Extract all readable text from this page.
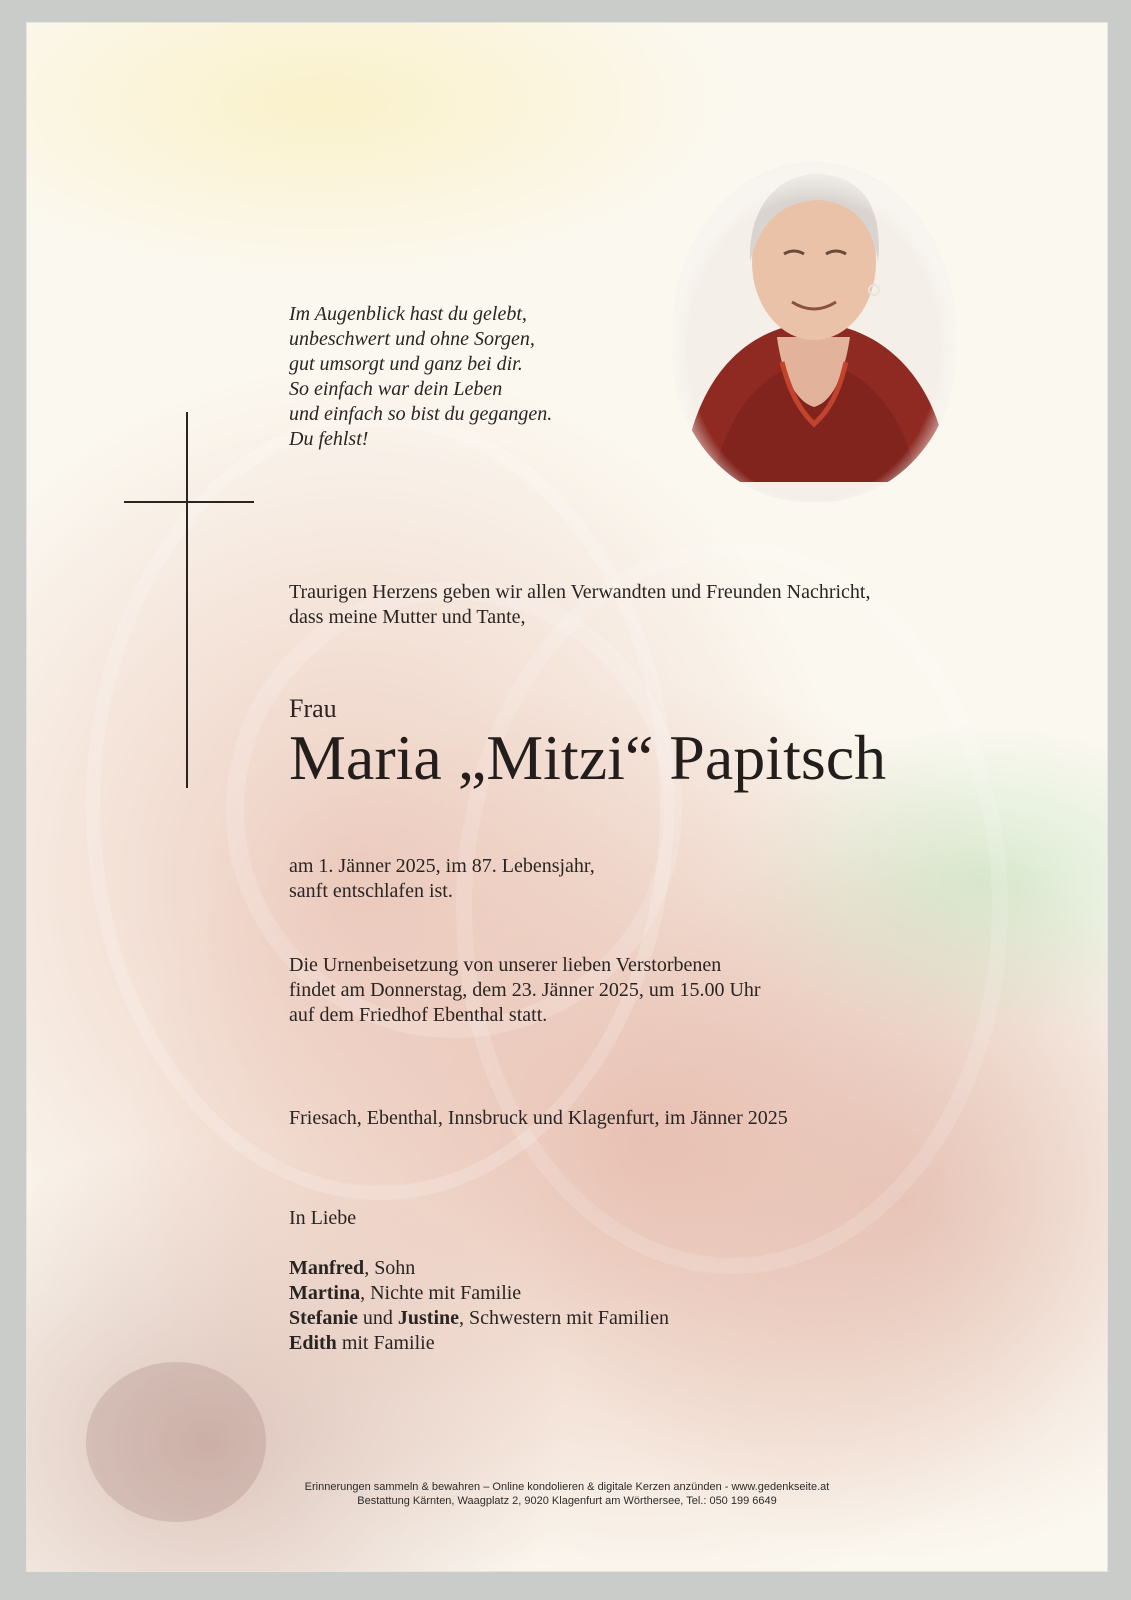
Im Augenblick hast du gelebt,
unbeschwert und ohne Sorgen,
gut umsorgt und ganz bei dir.
So einfach war dein Leben
und einfach so bist du gegangen.
Du fehlst!
Traurigen Herzens geben wir allen Verwandten und Freunden Nachricht,
dass meine Mutter und Tante,
Frau
Maria „Mitzi“ Papitsch
am 1. Jänner 2025, im 87. Lebensjahr,
sanft entschlafen ist.
Die Urnenbeisetzung von unserer lieben Verstorbenen
findet am Donnerstag, dem 23. Jänner 2025, um 15.00 Uhr
auf dem Friedhof Ebenthal statt.
Friesach, Ebenthal, Innsbruck und Klagenfurt, im Jänner 2025
In Liebe
Manfred, Sohn
Martina, Nichte mit Familie
Stefanie und Justine, Schwestern mit Familien
Edith mit Familie
Erinnerungen sammeln & bewahren – Online kondolieren & digitale Kerzen anzünden - www.gedenkseite.at
Bestattung Kärnten, Waagplatz 2, 9020 Klagenfurt am Wörthersee, Tel.: 050 199 6649
